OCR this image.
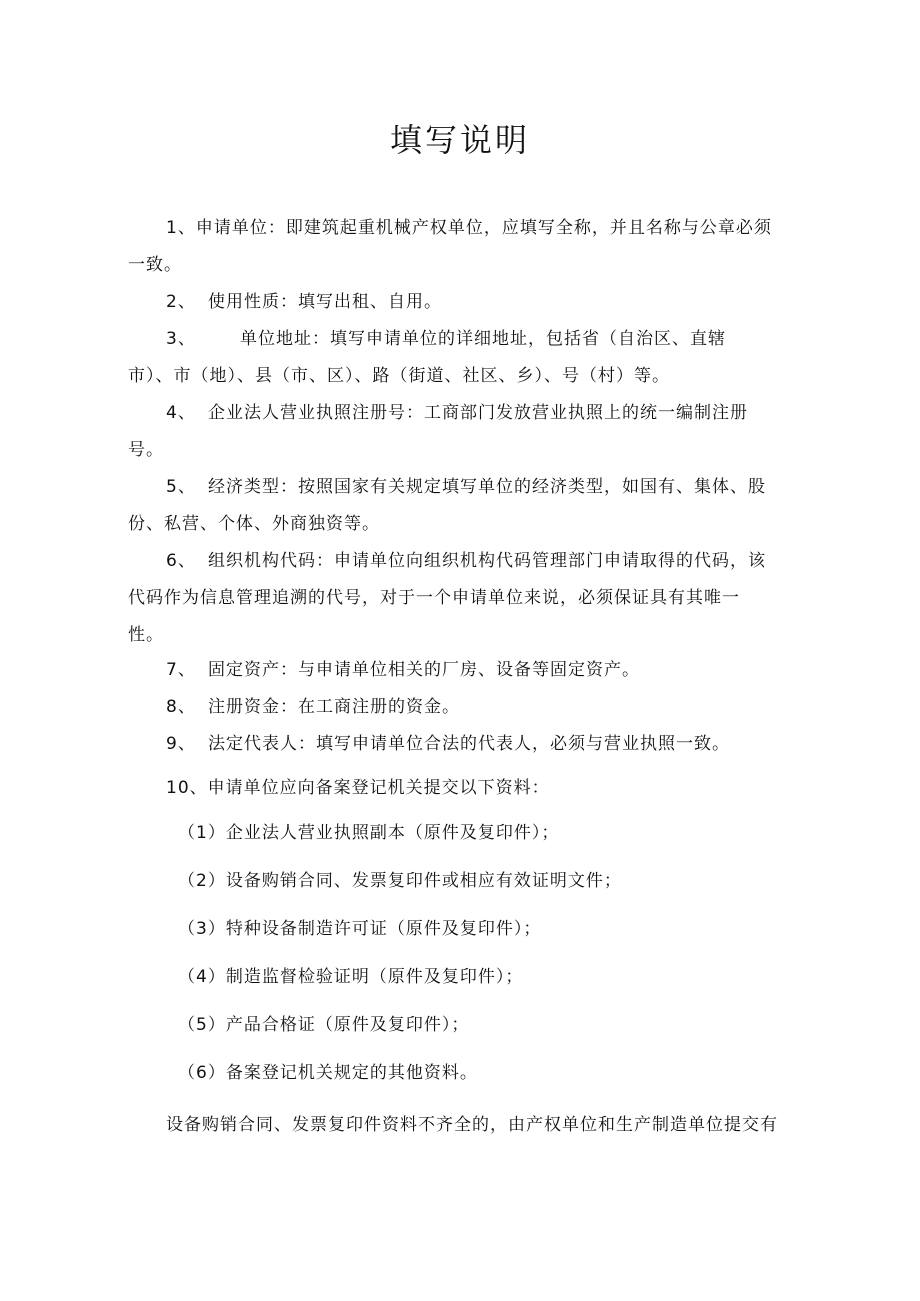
填写说明
1、申请单位：即建筑起重机械产权单位，应填写全称，并且名称与公章必须
一致。
2、 使用性质：填写出租、自用。
3、	单位地址：填写申请单位的详细地址，包括省（自治区、直辖
市）、市（地）、县（市、区）、路（街道、社区、乡）、号（村）等。
4、 企业法人营业执照注册号：工商部门发放营业执照上的统一编制注册
号。
5、 经济类型：按照国家有关规定填写单位的经济类型，如国有、集体、股
份、私营、个体、外商独资等。
6、 组织机构代码：申请单位向组织机构代码管理部门申请取得的代码，该
代码作为信息管理追溯的代号，对于一个申请单位来说，必须保证具有其唯一
性。
7、 固定资产：与申请单位相关的厂房、设备等固定资产。
8、 注册资金：在工商注册的资金。
9、 法定代表人：填写申请单位合法的代表人，必须与营业执照一致。
10、申请单位应向备案登记机关提交以下资料：
（1）企业法人营业执照副本（原件及复印件）；
（2）设备购销合同、发票复印件或相应有效证明文件；
（3）特种设备制造许可证（原件及复印件）；
（4）制造监督检验证明（原件及复印件）；
（5）产品合格证（原件及复印件）；
（6）备案登记机关规定的其他资料。
设备购销合同、发票复印件资料不齐全的，由产权单位和生产制造单位提交有
